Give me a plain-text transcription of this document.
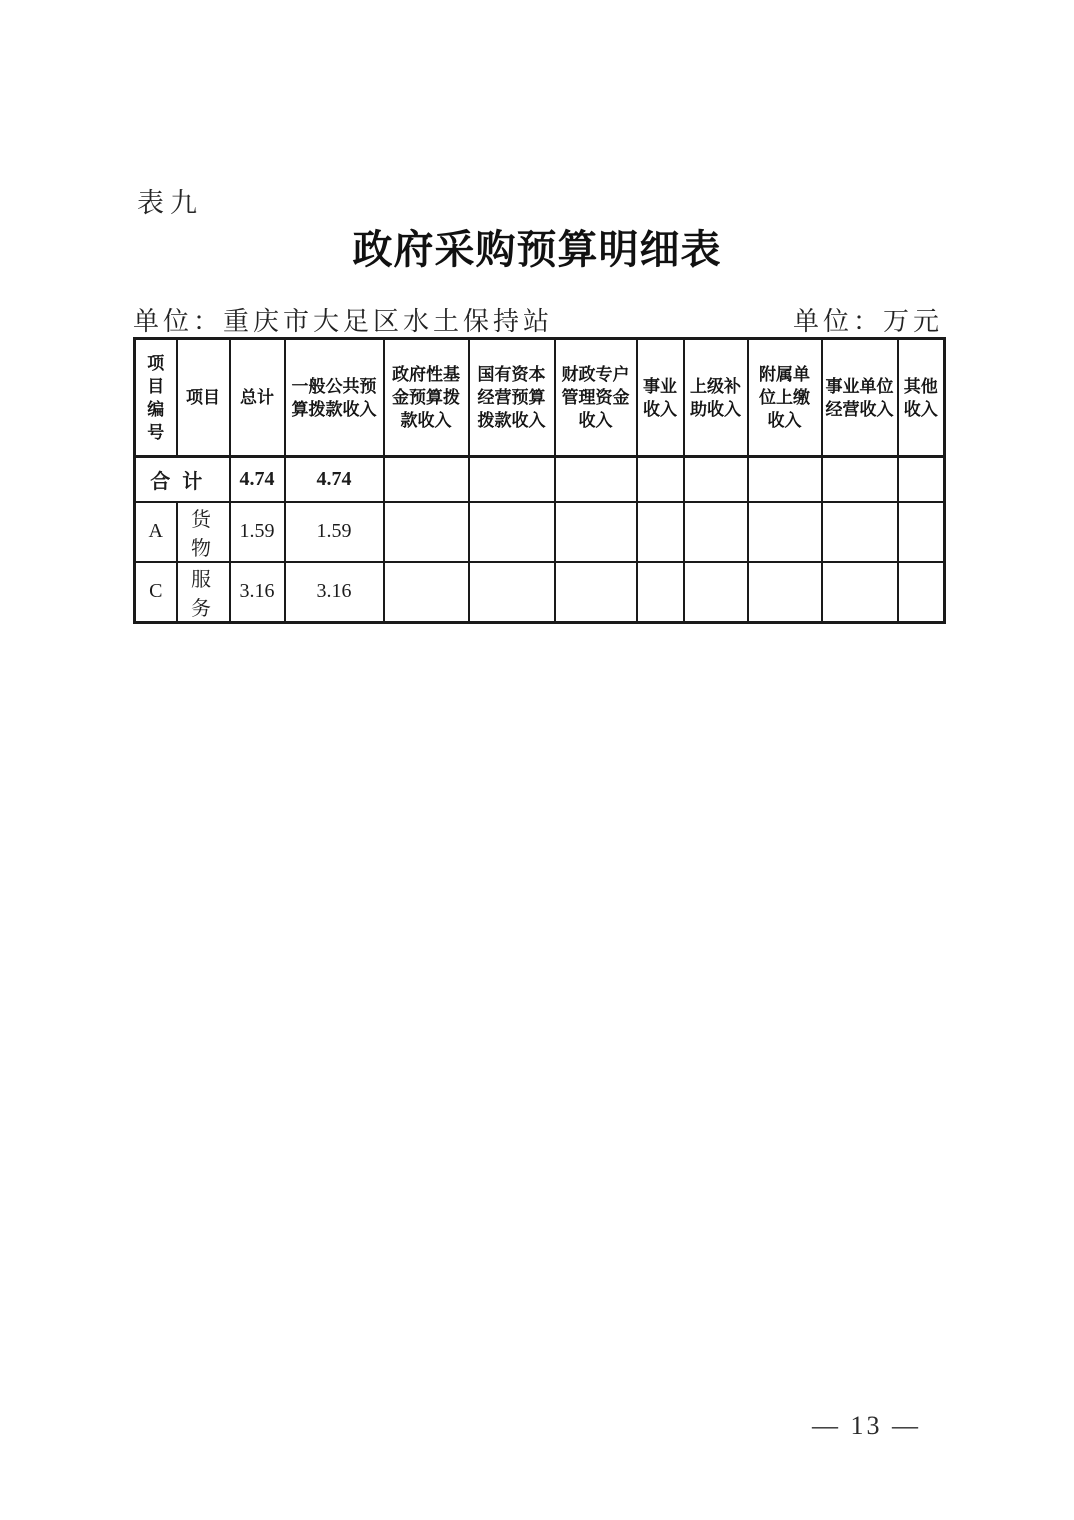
表九
政府采购预算明细表
单位：重庆市大足区水土保持站	单位：万元
项目编号	项目	总计	一般公共预算拨款收入	政府性基金预算拨款收入	国有资本经营预算拨款收入	财政专户管理资金收入	事业收入	上级补助收入	附属单位上缴收入	事业单位经营收入	其他收入
合计		4.74	4.74								
A	货物	1.59	1.59								
C	服务	3.16	3.16								
— 13 —
